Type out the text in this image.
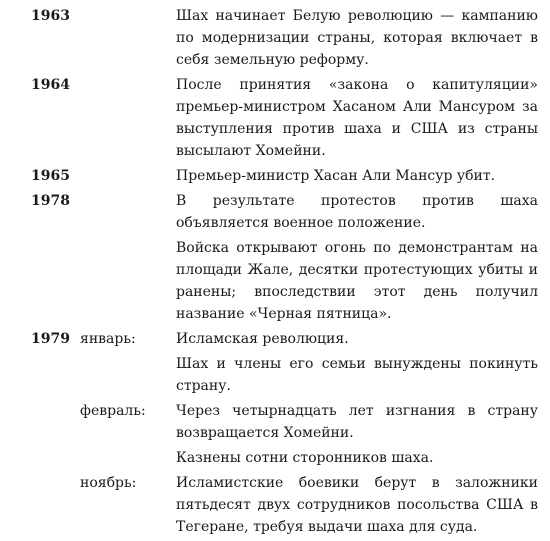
1963	Шах начинает Белую революцию — кампанию по модернизации страны, которая включает в себя земельную реформу.
1964	После принятия «закона о капитуляции» премьер-министром Хасаном Али Мансуром за выступления против шаха и США из страны высылают Хомейни.
1965	Премьер-министр Хасан Али Мансур убит.
1978	В результате протестов против шаха объявляется военное положение.
Войска открывают огонь по демонстрантам на площади Жале, десятки протестующих убиты и ранены; впоследствии этот день получил название «Черная пятница».
1979 январь:	Исламская революция.
Шах и члены его семьи вынуждены покинуть страну.
февраль:	Через четырнадцать лет изгнания в страну возвращается Хомейни.
Казнены сотни сторонников шаха.
ноябрь:	Исламистские боевики берут в заложники пятьдесят двух сотрудников посольства США в Тегеране, требуя выдачи шаха для суда.
